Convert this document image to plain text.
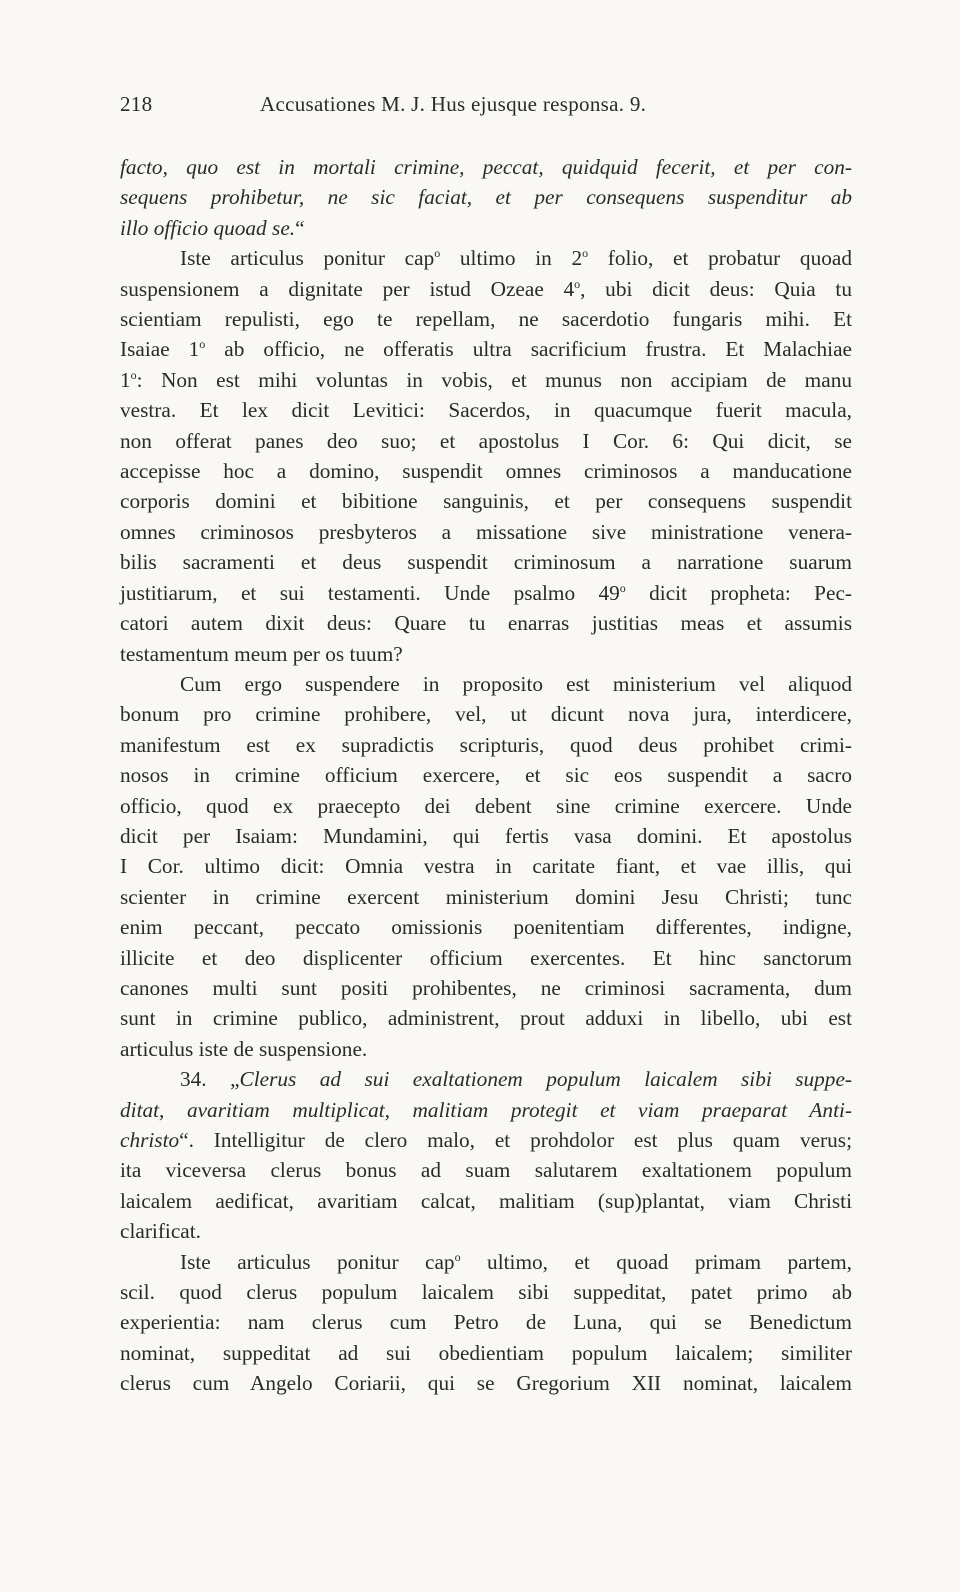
218	Accusationes M. J. Hus ejusque responsa. 9.
facto, quo est in mortali crimine, peccat, quidquid fecerit, et per con-
sequens prohibetur, ne sic faciat, et per consequens suspenditur ab
illo officio quoad se.“
Iste articulus ponitur cap$^o$ ultimo in 2$^o$ folio, et probatur quoad
suspensionem a dignitate per istud Ozeae 4$^o$, ubi dicit deus: Quia tu
scientiam repulisti, ego te repellam, ne sacerdotio fungaris mihi. Et
Isaiae 1$^o$ ab officio, ne offeratis ultra sacrificium frustra. Et Malachiae
1$^o$: Non est mihi voluntas in vobis, et munus non accipiam de manu
vestra. Et lex dicit Levitici: Sacerdos, in quacumque fuerit macula,
non offerat panes deo suo; et apostolus I Cor. 6: Qui dicit, se
accepisse hoc a domino, suspendit omnes criminosos a manducatione
corporis domini et bibitione sanguinis, et per consequens suspendit
omnes criminosos presbyteros a missatione sive ministratione venera-
bilis sacramenti et deus suspendit criminosum a narratione suarum
justitiarum, et sui testamenti. Unde psalmo 49$^o$ dicit propheta: Pec-
catori autem dixit deus: Quare tu enarras justitias meas et assumis
testamentum meum per os tuum?
Cum ergo suspendere in proposito est ministerium vel aliquod
bonum pro crimine prohibere, vel, ut dicunt nova jura, interdicere,
manifestum est ex supradictis scripturis, quod deus prohibet crimi-
nosos in crimine officium exercere, et sic eos suspendit a sacro
officio, quod ex praecepto dei debent sine crimine exercere. Unde
dicit per Isaiam: Mundamini, qui fertis vasa domini. Et apostolus
I Cor. ultimo dicit: Omnia vestra in caritate fiant, et vae illis, qui
scienter in crimine exercent ministerium domini Jesu Christi; tunc
enim peccant, peccato omissionis poenitentiam differentes, indigne,
illicite et deo displicenter officium exercentes. Et hinc sanctorum
canones multi sunt positi prohibentes, ne criminosi sacramenta, dum
sunt in crimine publico, administrent, prout adduxi in libello, ubi est
articulus iste de suspensione.
34. „Clerus ad sui exaltationem populum laicalem sibi suppe-
ditat, avaritiam multiplicat, malitiam protegit et viam praeparat Anti-
christo“. Intelligitur de clero malo, et prohdolor est plus quam verus;
ita viceversa clerus bonus ad suam salutarem exaltationem populum
laicalem aedificat, avaritiam calcat, malitiam (sup)plantat, viam Christi
clarificat.
Iste articulus ponitur cap$^o$ ultimo, et quoad primam partem,
scil. quod clerus populum laicalem sibi suppeditat, patet primo ab
experientia: nam clerus cum Petro de Luna, qui se Benedictum
nominat, suppeditat ad sui obedientiam populum laicalem; similiter
clerus cum Angelo Coriarii, qui se Gregorium XII nominat, laicalem
